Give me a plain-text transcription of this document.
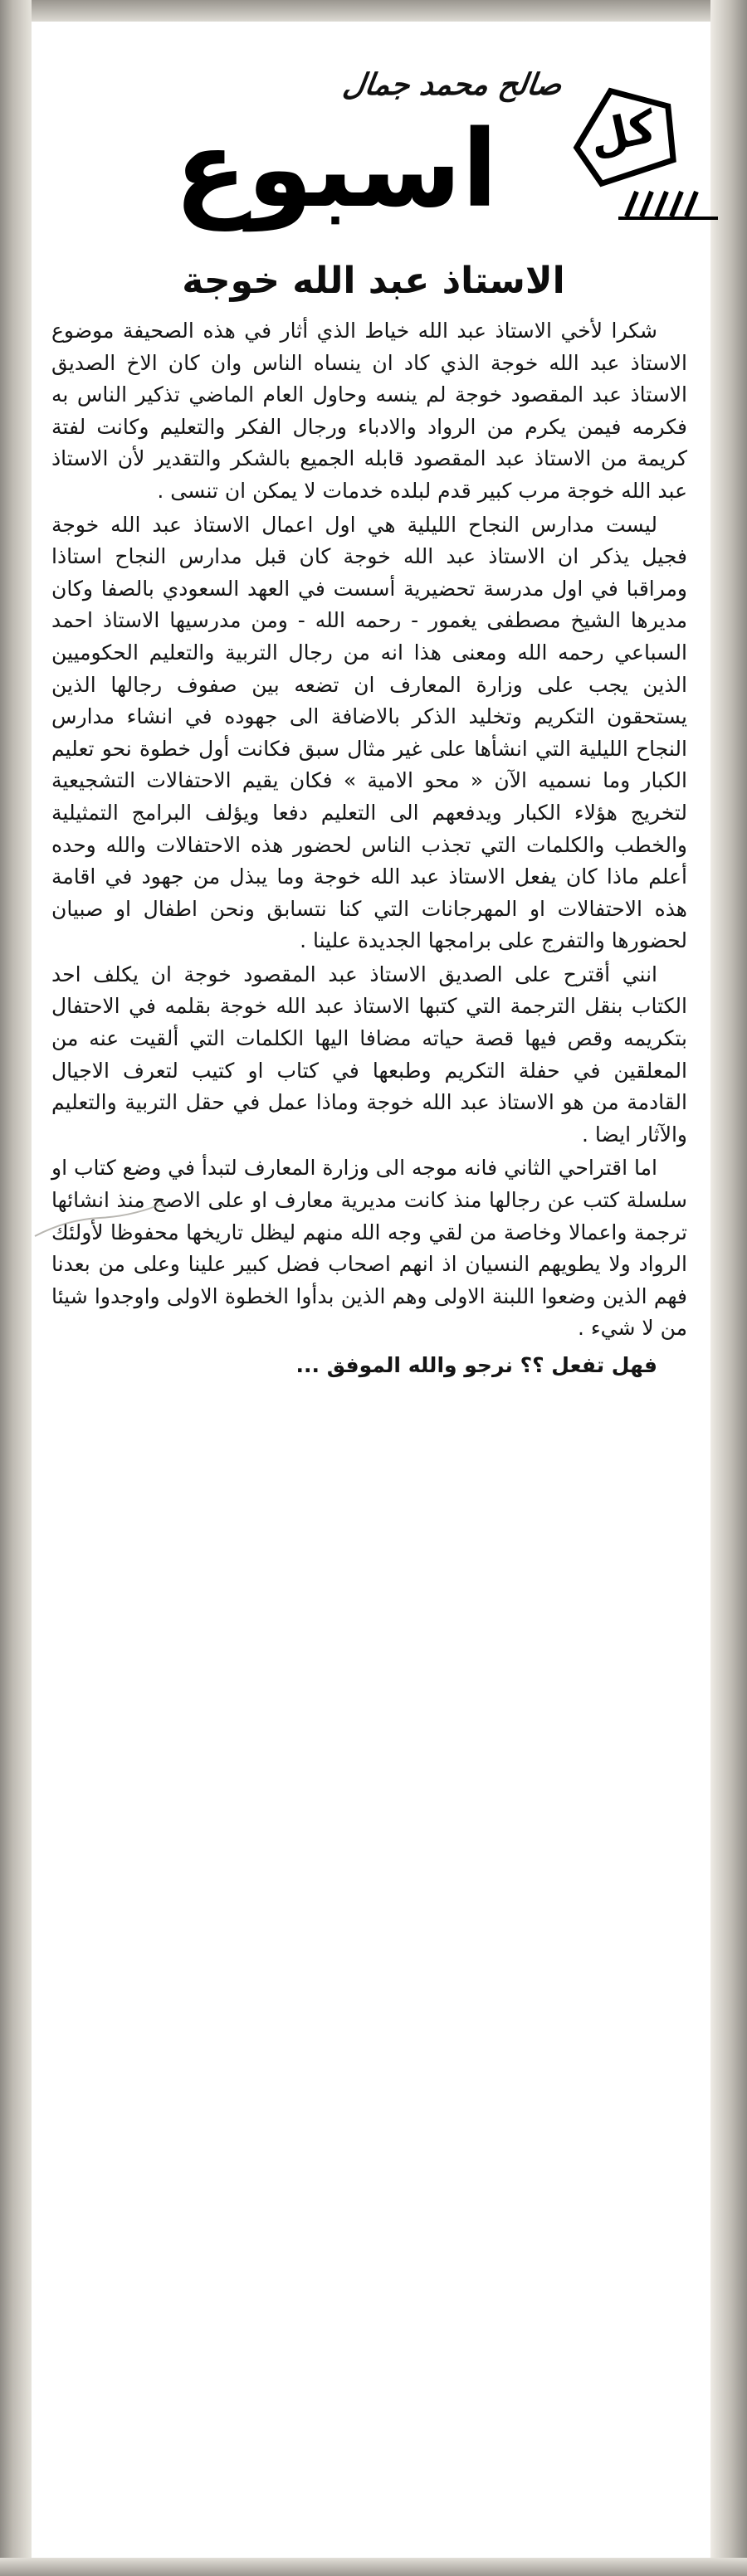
صالح محمد جمال
اسبوع	كل
الاستاذ عبد الله خوجة

شكرا لأخي الاستاذ عبد الله خياط الذي أثار في هذه الصحيفة موضوع الاستاذ عبد الله خوجة الذي كاد ان ينساه الناس وان كان الاخ الصديق الاستاذ عبد المقصود خوجة لم ينسه وحاول العام الماضي تذكير الناس به فكرمه فيمن يكرم من الرواد والادباء ورجال الفكر والتعليم وكانت لفتة كريمة من الاستاذ عبد المقصود قابله الجميع بالشكر والتقدير لأن الاستاذ عبد الله خوجة مرب كبير قدم لبلده خدمات لا يمكن ان تنسى .

ليست مدارس النجاح الليلية هي اول اعمال الاستاذ عبد الله خوجة فجيل يذكر ان الاستاذ عبد الله خوجة كان قبل مدارس النجاح استاذا ومراقبا في اول مدرسة تحضيرية أسست في العهد السعودي بالصفا وكان مديرها الشيخ مصطفى يغمور - رحمه الله - ومن مدرسيها الاستاذ احمد السباعي رحمه الله ومعنى هذا انه من رجال التربية والتعليم الحكوميين الذين يجب على وزارة المعارف ان تضعه بين صفوف رجالها الذين يستحقون التكريم وتخليد الذكر بالاضافة الى جهوده في انشاء مدارس النجاح الليلية التي انشأها على غير مثال سبق فكانت أول خطوة نحو تعليم الكبار وما نسميه الآن « محو الامية » فكان يقيم الاحتفالات التشجيعية لتخريج هؤلاء الكبار ويدفعهم الى التعليم دفعا ويؤلف البرامج التمثيلية والخطب والكلمات التي تجذب الناس لحضور هذه الاحتفالات والله وحده أعلم ماذا كان يفعل الاستاذ عبد الله خوجة وما يبذل من جهود في اقامة هذه الاحتفالات او المهرجانات التي كنا نتسابق ونحن اطفال او صبيان لحضورها والتفرج على برامجها الجديدة علينا .

انني أقترح على الصديق الاستاذ عبد المقصود خوجة ان يكلف احد الكتاب بنقل الترجمة التي كتبها الاستاذ عبد الله خوجة بقلمه في الاحتفال بتكريمه وقص فيها قصة حياته مضافا اليها الكلمات التي ألقيت عنه من المعلقين في حفلة التكريم وطبعها في كتاب او كتيب لتعرف الاجيال القادمة من هو الاستاذ عبد الله خوجة وماذا عمل في حقل التربية والتعليم والآثار ايضا .

اما اقتراحي الثاني فانه موجه الى وزارة المعارف لتبدأ في وضع كتاب او سلسلة كتب عن رجالها منذ كانت مديرية معارف او على الاصح منذ انشائها ترجمة واعمالا وخاصة من لقي وجه الله منهم ليظل تاريخها محفوظا لأولئك الرواد ولا يطويهم النسيان اذ انهم اصحاب فضل كبير علينا وعلى من بعدنا فهم الذين وضعوا اللبنة الاولى وهم الذين بدأوا الخطوة الاولى واوجدوا شيئا من لا شيء .

فهل تفعل ؟؟ نرجو والله الموفق ...
